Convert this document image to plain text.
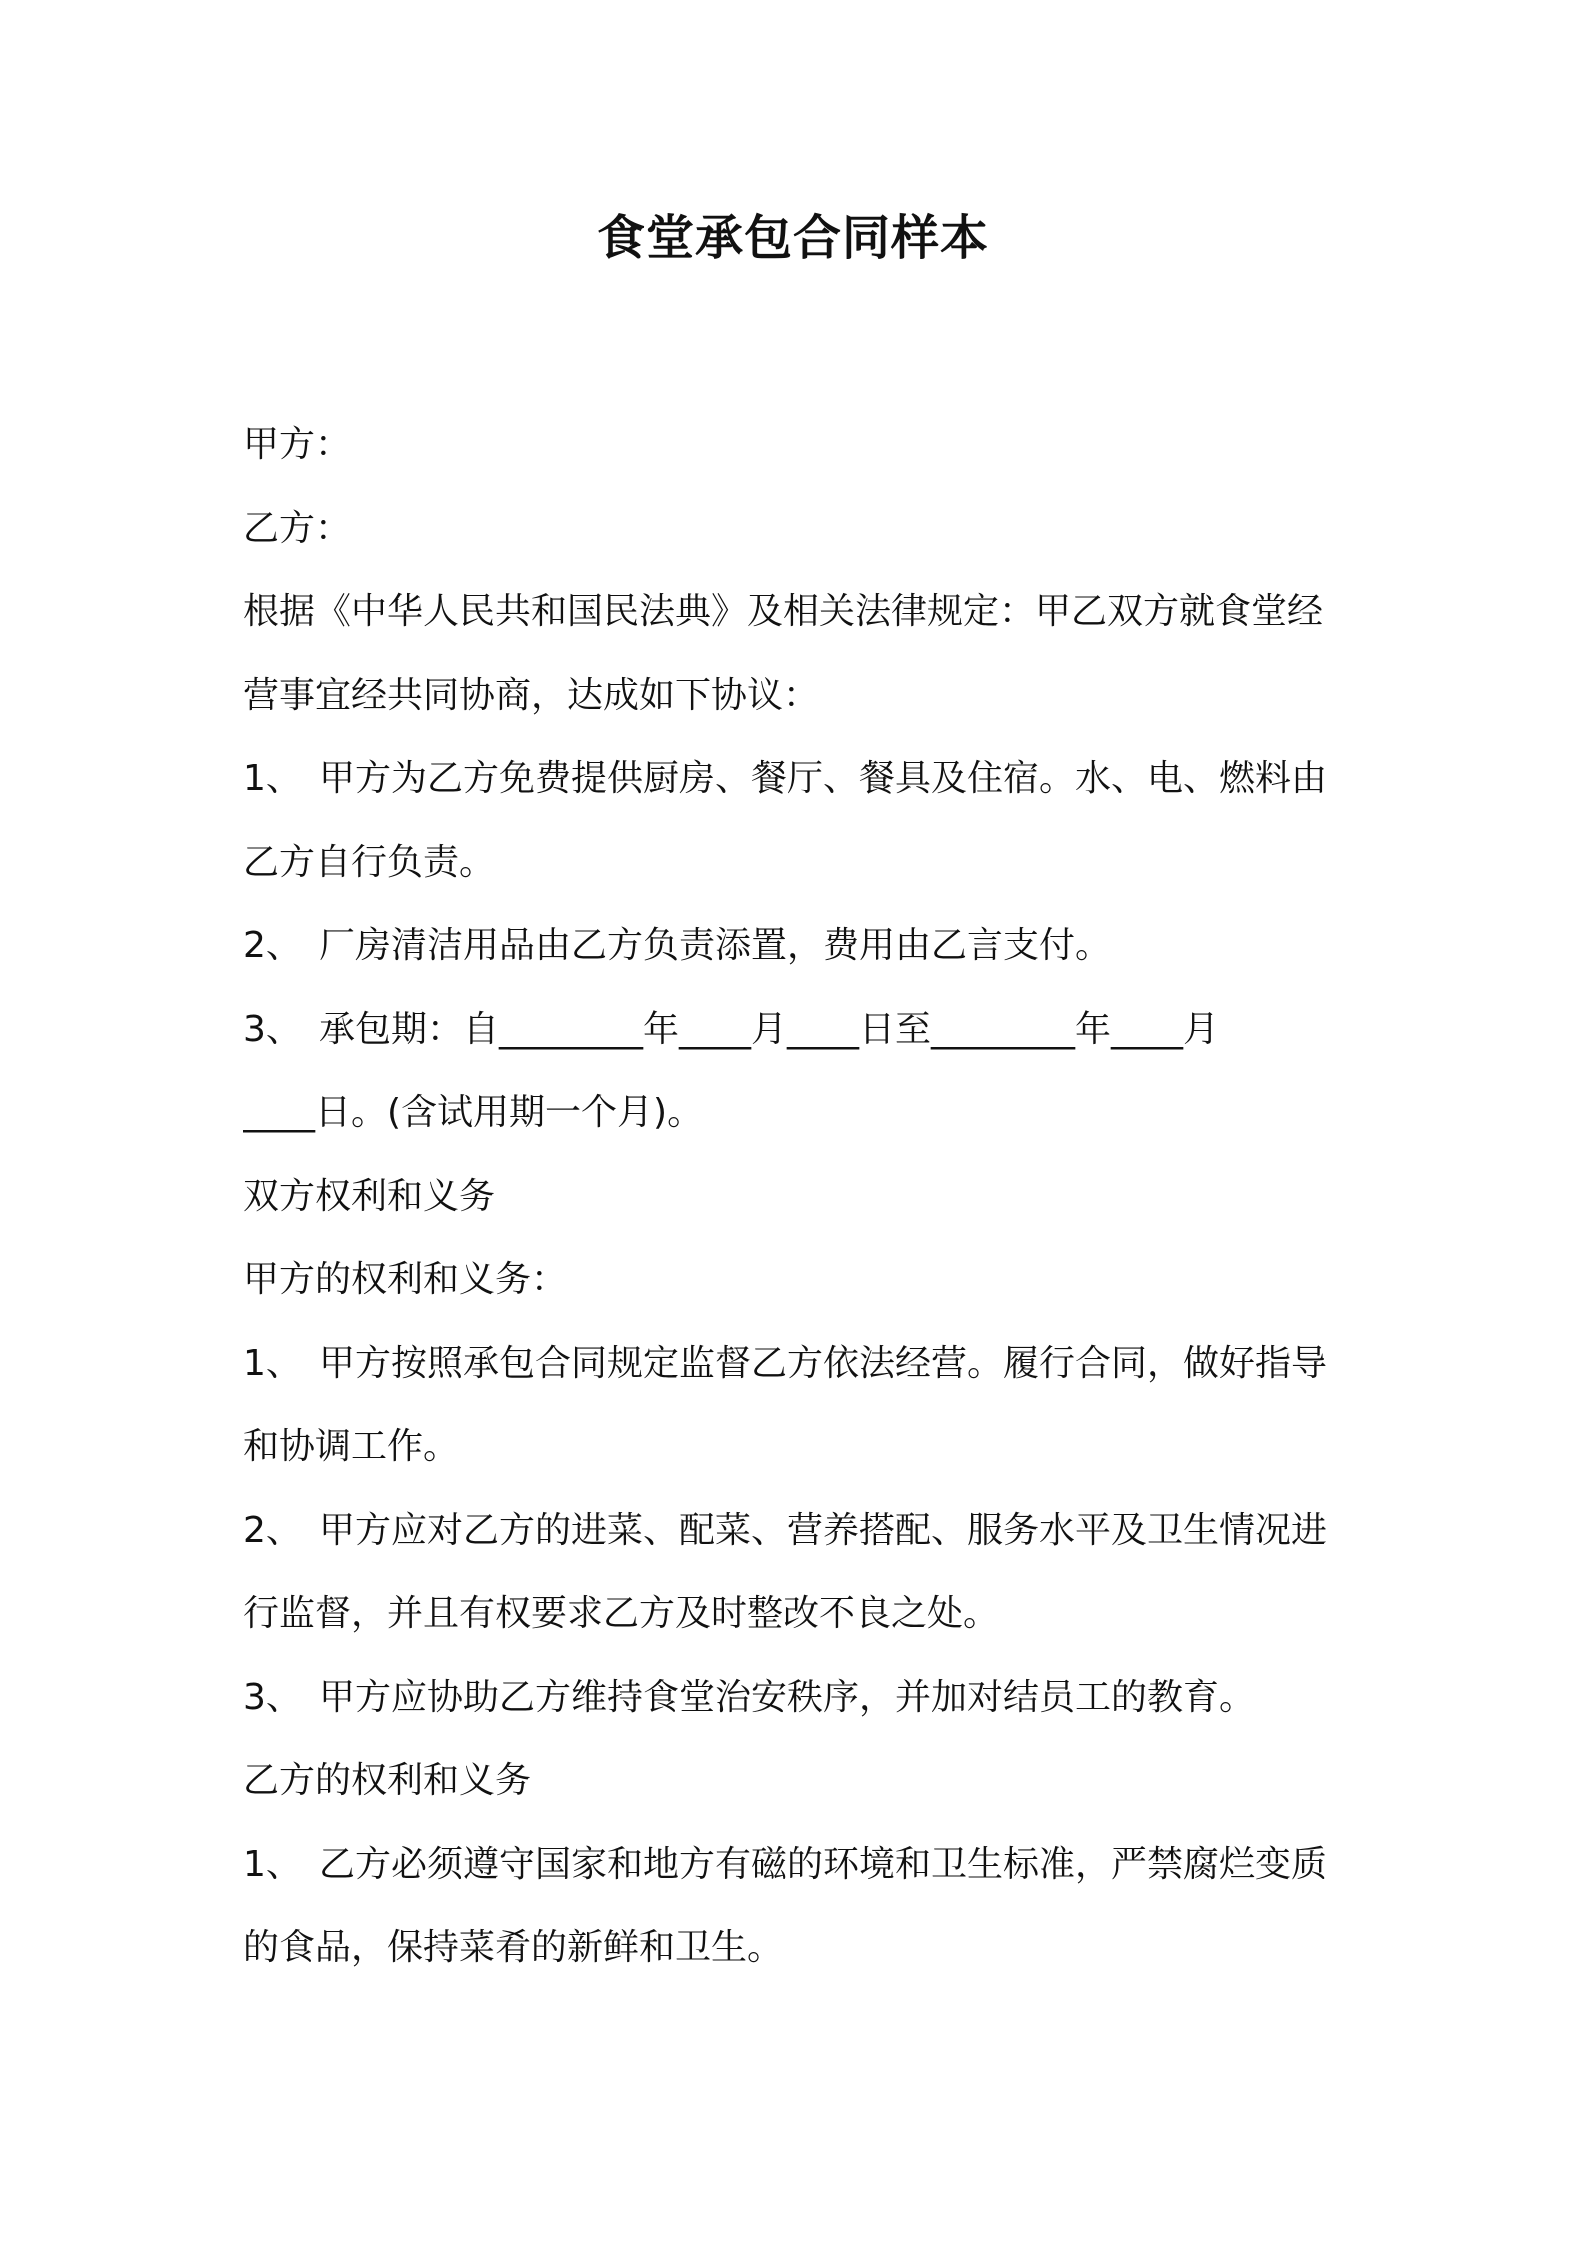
食堂承包合同样本
甲方：
乙方：
根据《中华人民共和国民法典》及相关法律规定：甲乙双方就食堂经
营事宜经共同协商，达成如下协议：
1、 甲方为乙方免费提供厨房、餐厅、餐具及住宿。水、电、燃料由
乙方自行负责。
2、 厂房清洁用品由乙方负责添置，费用由乙言支付。
3、 承包期：自________年____月____日至________年____月
____日。(含试用期一个月)。
双方权利和义务
甲方的权利和义务：
1、 甲方按照承包合同规定监督乙方依法经营。履行合同，做好指导
和协调工作。
2、 甲方应对乙方的进菜、配菜、营养搭配、服务水平及卫生情况进
行监督，并且有权要求乙方及时整改不良之处。
3、 甲方应协助乙方维持食堂治安秩序，并加对结员工的教育。
乙方的权利和义务
1、 乙方必须遵守国家和地方有磁的环境和卫生标准，严禁腐烂变质
的食品，保持菜肴的新鲜和卫生。
